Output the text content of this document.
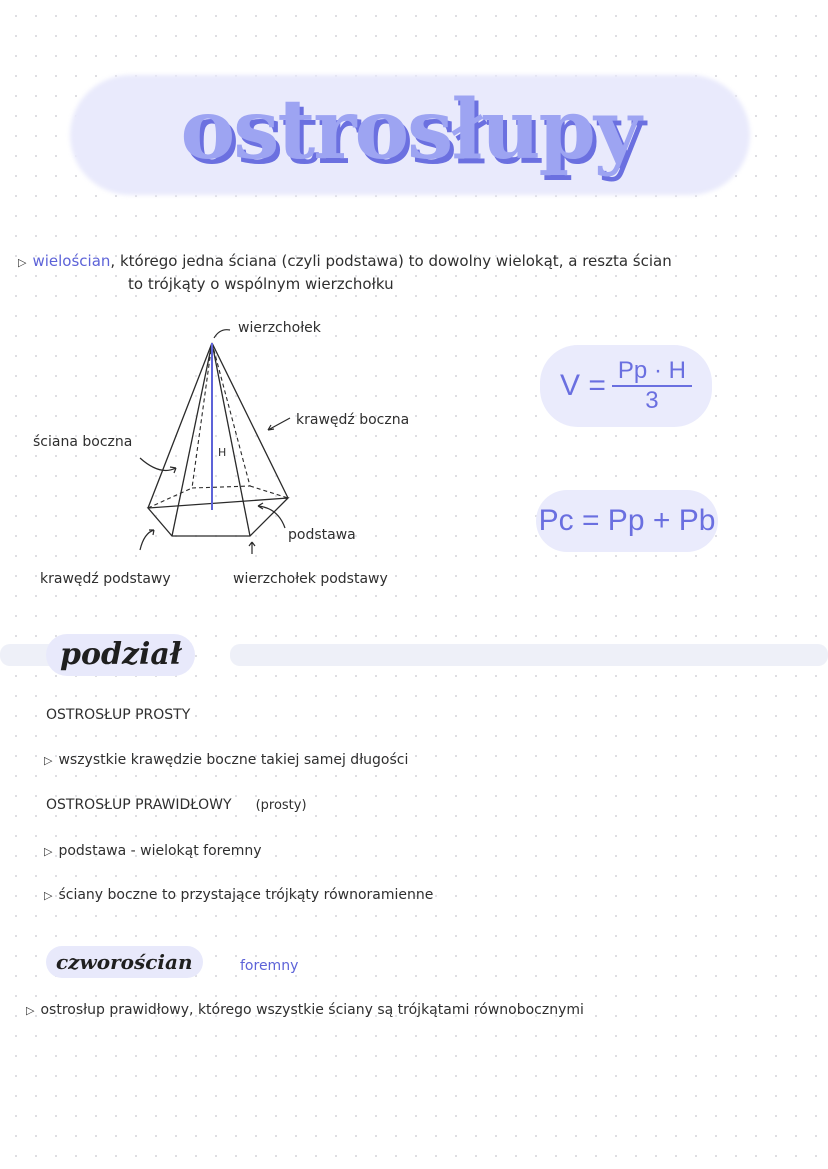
ostrosłupy
▷ wielościan, którego jedna ściana (czyli podstawa) to dowolny wielokąt, a reszta ścian
to trójkąty o wspólnym wierzchołku
wierzchołek
krawędź boczna
ściana boczna
H
podstawa
krawędź podstawy	wierzchołek podstawy
$V = \frac{Pp \cdot H}{3}$
Pc = Pp + Pb
podział
OSTROSŁUP PROSTY
▷ wszystkie krawędzie boczne takiej samej długości
OSTROSŁUP PRAWIDŁOWY (prosty)
▷ podstawa - wielokąt foremny
▷ ściany boczne to przystające trójkąty równoramienne
czworościan	foremny
▷ ostrosłup prawidłowy, którego wszystkie ściany są trójkątami równobocznymi
